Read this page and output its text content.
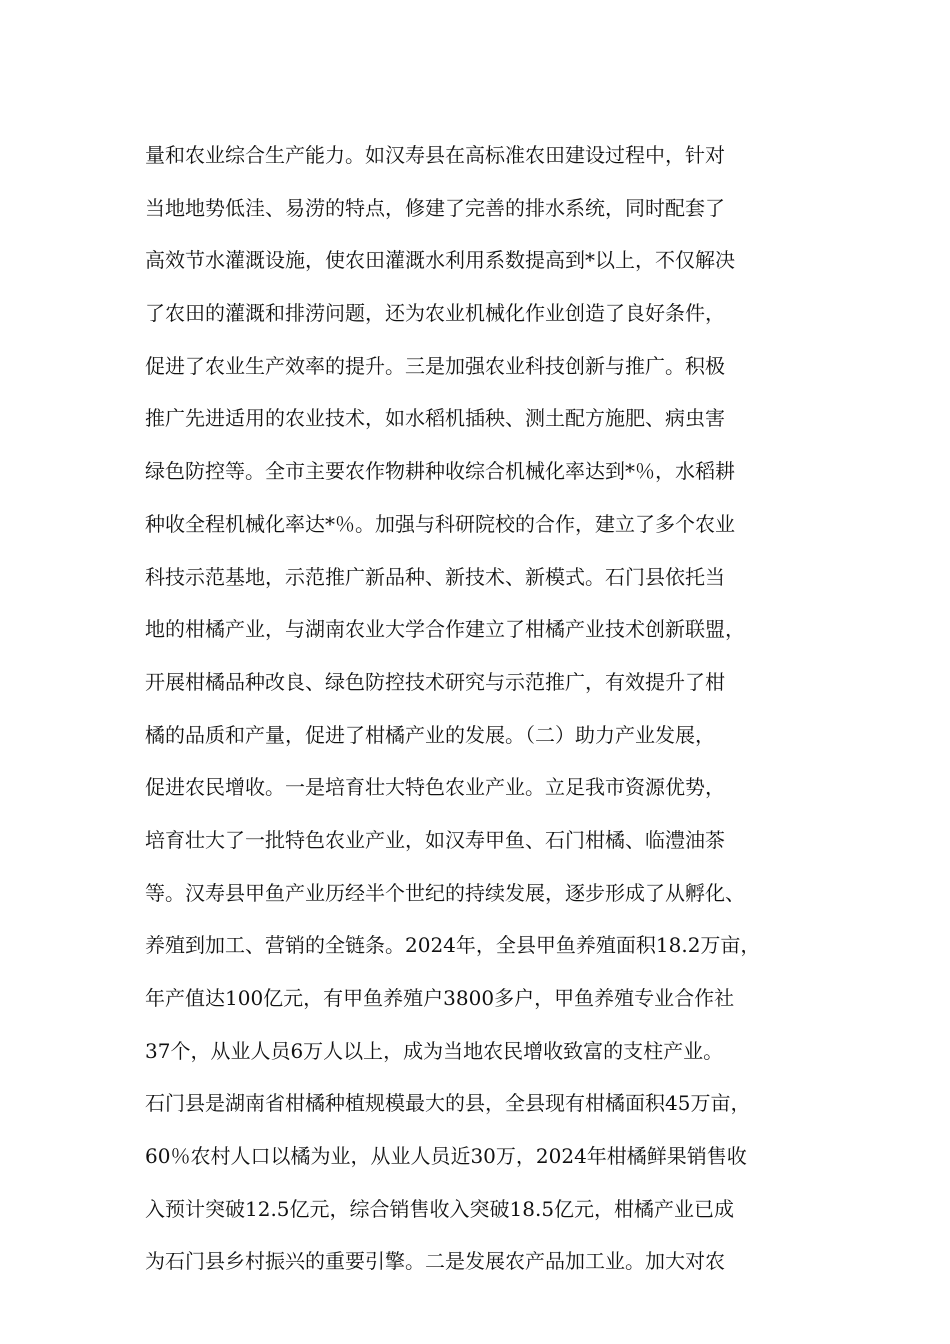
量和农业综合生产能力。如汉寿县在高标准农田建设过程中，针对
当地地势低洼、易涝的特点，修建了完善的排水系统，同时配套了
高效节水灌溉设施，使农田灌溉水利用系数提高到*以上，不仅解决
了农田的灌溉和排涝问题，还为农业机械化作业创造了良好条件，
促进了农业生产效率的提升。三是加强农业科技创新与推广。积极
推广先进适用的农业技术，如水稻机插秧、测土配方施肥、病虫害
绿色防控等。全市主要农作物耕种收综合机械化率达到*％，水稻耕
种收全程机械化率达*％。加强与科研院校的合作，建立了多个农业
科技示范基地，示范推广新品种、新技术、新模式。石门县依托当
地的柑橘产业，与湖南农业大学合作建立了柑橘产业技术创新联盟，
开展柑橘品种改良、绿色防控技术研究与示范推广，有效提升了柑
橘的品质和产量，促进了柑橘产业的发展。（二）助力产业发展，
促进农民增收。一是培育壮大特色农业产业。立足我市资源优势，
培育壮大了一批特色农业产业，如汉寿甲鱼、石门柑橘、临澧油茶
等。汉寿县甲鱼产业历经半个世纪的持续发展，逐步形成了从孵化、
养殖到加工、营销的全链条。2024年，全县甲鱼养殖面积18.2万亩，
年产值达100亿元，有甲鱼养殖户3800多户，甲鱼养殖专业合作社
37个，从业人员6万人以上，成为当地农民增收致富的支柱产业。
石门县是湖南省柑橘种植规模最大的县，全县现有柑橘面积45万亩，
60％农村人口以橘为业，从业人员近30万，2024年柑橘鲜果销售收
入预计突破12.5亿元，综合销售收入突破18.5亿元，柑橘产业已成
为石门县乡村振兴的重要引擎。二是发展农产品加工业。加大对农
